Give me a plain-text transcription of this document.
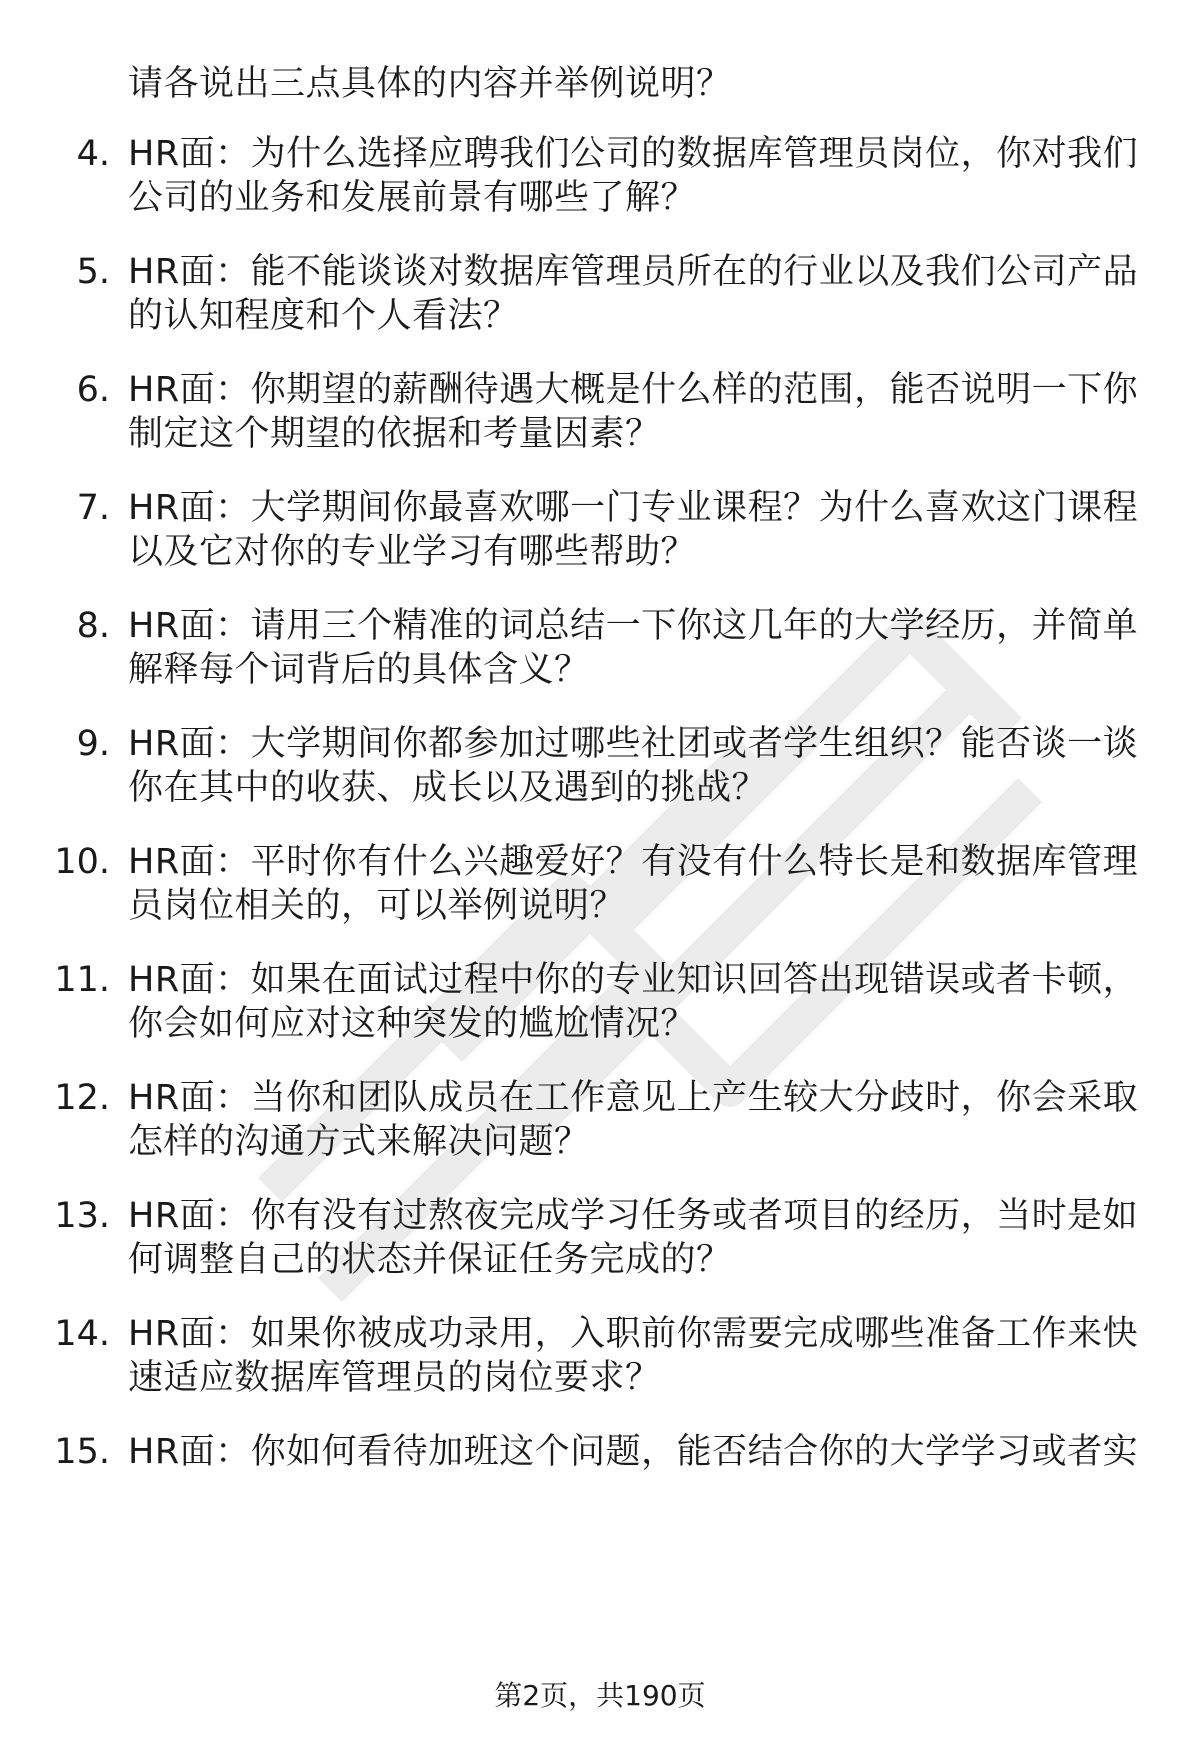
请各说出三点具体的内容并举例说明？
4. HR面：为什么选择应聘我们公司的数据库管理员岗位，你对我们
公司的业务和发展前景有哪些了解？
5. HR面：能不能谈谈对数据库管理员所在的行业以及我们公司产品
的认知程度和个人看法？
6. HR面：你期望的薪酬待遇大概是什么样的范围，能否说明一下你
制定这个期望的依据和考量因素？
7. HR面：大学期间你最喜欢哪一门专业课程？为什么喜欢这门课程
以及它对你的专业学习有哪些帮助？
8. HR面：请用三个精准的词总结一下你这几年的大学经历，并简单
解释每个词背后的具体含义？
9. HR面：大学期间你都参加过哪些社团或者学生组织？能否谈一谈
你在其中的收获、成长以及遇到的挑战？
10. HR面：平时你有什么兴趣爱好？有没有什么特长是和数据库管理
员岗位相关的，可以举例说明？
11. HR面：如果在面试过程中你的专业知识回答出现错误或者卡顿，
你会如何应对这种突发的尴尬情况？
12. HR面：当你和团队成员在工作意见上产生较大分歧时，你会采取
怎样的沟通方式来解决问题？
13. HR面：你有没有过熬夜完成学习任务或者项目的经历，当时是如
何调整自己的状态并保证任务完成的？
14. HR面：如果你被成功录用，入职前你需要完成哪些准备工作来快
速适应数据库管理员的岗位要求？
15. HR面：你如何看待加班这个问题，能否结合你的大学学习或者实
第2页，共190页
